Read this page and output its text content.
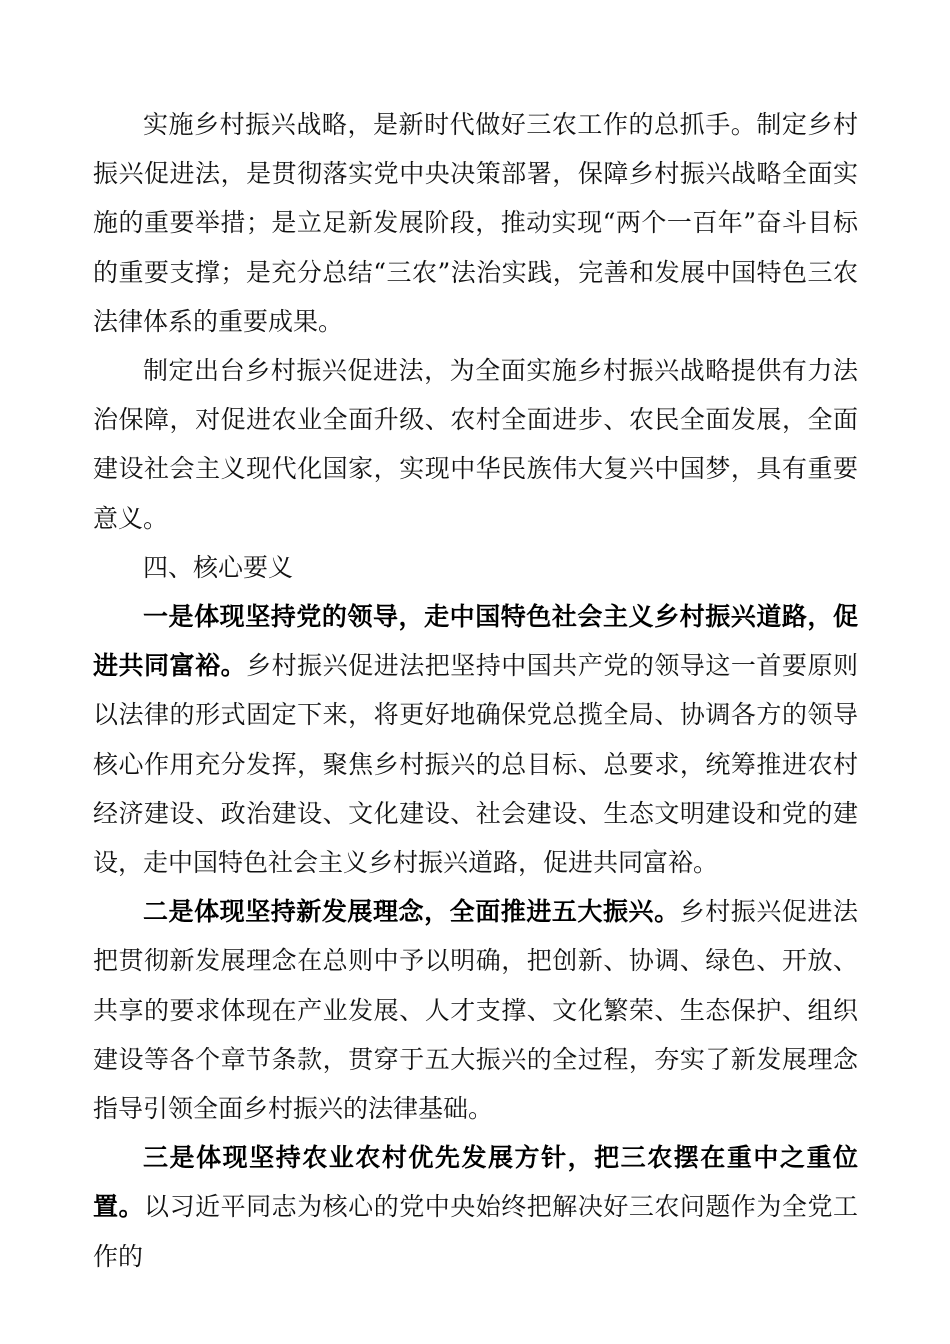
实施乡村振兴战略，是新时代做好三农工作的总抓手。制定乡村振兴促进法，是贯彻落实党中央决策部署，保障乡村振兴战略全面实施的重要举措；是立足新发展阶段，推动实现“两个一百年”奋斗目标的重要支撑；是充分总结“三农”法治实践，完善和发展中国特色三农法律体系的重要成果。

制定出台乡村振兴促进法，为全面实施乡村振兴战略提供有力法治保障，对促进农业全面升级、农村全面进步、农民全面发展，全面建设社会主义现代化国家，实现中华民族伟大复兴中国梦，具有重要意义。

四、核心要义

一是体现坚持党的领导，走中国特色社会主义乡村振兴道路，促进共同富裕。乡村振兴促进法把坚持中国共产党的领导这一首要原则以法律的形式固定下来，将更好地确保党总揽全局、协调各方的领导核心作用充分发挥，聚焦乡村振兴的总目标、总要求，统筹推进农村经济建设、政治建设、文化建设、社会建设、生态文明建设和党的建设，走中国特色社会主义乡村振兴道路，促进共同富裕。

二是体现坚持新发展理念，全面推进五大振兴。乡村振兴促进法把贯彻新发展理念在总则中予以明确，把创新、协调、绿色、开放、共享的要求体现在产业发展、人才支撑、文化繁荣、生态保护、组织建设等各个章节条款，贯穿于五大振兴的全过程，夯实了新发展理念指导引领全面乡村振兴的法律基础。

三是体现坚持农业农村优先发展方针，把三农摆在重中之重位置。以习近平同志为核心的党中央始终把解决好三农问题作为全党工作的
